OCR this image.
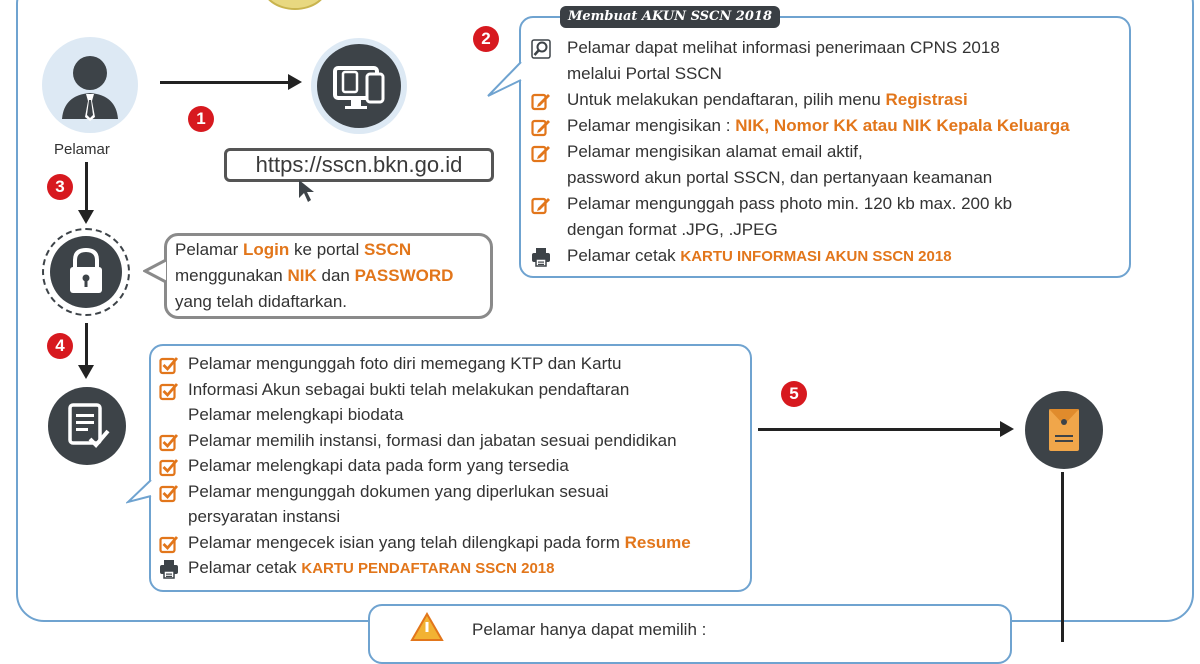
Pelamar
1
https://sscn.bkn.go.id
3
Pelamar Login ke portal SSCN
menggunakan NIK dan PASSWORD
yang telah didaftarkan.
4
Pelamar dapat melihat informasi penerimaan CPNS 2018
melalui Portal SSCN
Untuk melakukan pendaftaran, pilih menu Registrasi
Pelamar mengisikan : NIK, Nomor KK atau NIK Kepala Keluarga
Pelamar mengisikan alamat email aktif,
password akun portal SSCN, dan pertanyaan keamanan
Pelamar mengunggah pass photo min. 120 kb max. 200 kb
dengan format .JPG, .JPEG
Pelamar cetak KARTU INFORMASI AKUN SSCN 2018
Membuat AKUN SSCN 2018
2
Pelamar mengunggah foto diri memegang KTP dan Kartu
Informasi Akun sebagai bukti telah melakukan pendaftaran
Pelamar melengkapi biodata
Pelamar memilih instansi, formasi dan jabatan sesuai pendidikan
Pelamar melengkapi data pada form yang tersedia
Pelamar mengunggah dokumen yang diperlukan sesuai
persyaratan instansi
Pelamar mengecek isian yang telah dilengkapi pada form Resume
Pelamar cetak KARTU PENDAFTARAN SSCN 2018
5
Pelamar hanya dapat memilih :
